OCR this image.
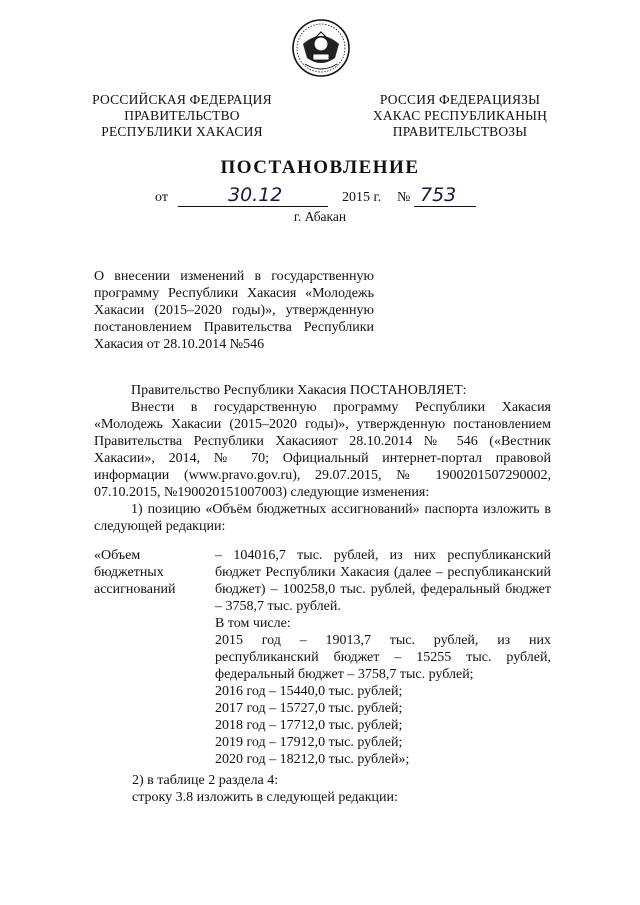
РОССИЙСКАЯ ФЕДЕРАЦИЯ
ПРАВИТЕЛЬСТВО
РЕСПУБЛИКИ ХАКАСИЯ
РОССИЯ ФЕДЕРАЦИЯЗЫ
ХАКАС РЕСПУБЛИКАНЫҢ
ПРАВИТЕЛЬСТВОЗЫ
ПОСТАНОВЛЕНИЕ
от	30.12	2015 г. № 753
г. Абакан
О внесении изменений в государственную программу Республики Хакасия «Молодежь Хакасии (2015–2020 годы)», утвержденную постановлением Правительства Республики Хакасия от 28.10.2014 №546

Правительство Республики Хакасия ПОСТАНОВЛЯЕТ:

Внести в государственную программу Республики Хакасия «Молодежь Хакасии (2015–2020 годы)», утвержденную постановлением Правительства Республики Хакасияот 28.10.2014 № 546 («Вестник Хакасии», 2014, № 70; Официальный интернет-портал правовой информации (www.pravo.gov.ru), 29.07.2015, № 1900201507290002, 07.10.2015, №190020151007003) следующие изменения:

1) позицию «Объём бюджетных ассигнований» паспорта изложить в следующей редакции:

«Объем
бюджетных
ассигнований
– 104016,7 тыс. рублей, из них республиканский бюджет Республики Хакасия (далее – республиканский бюджет) – 100258,0 тыс. рублей, федеральный бюджет – 3758,7 тыс. рублей.
В том числе:
2015 год – 19013,7 тыс. рублей, из них республиканский бюджет – 15255 тыс. рублей, федеральный бюджет – 3758,7 тыс. рублей;
2016 год – 15440,0 тыс. рублей;
2017 год – 15727,0 тыс. рублей;
2018 год – 17712,0 тыс. рублей;
2019 год – 17912,0 тыс. рублей;
2020 год – 18212,0 тыс. рублей»;
2) в таблице 2 раздела 4:
строку 3.8 изложить в следующей редакции:
